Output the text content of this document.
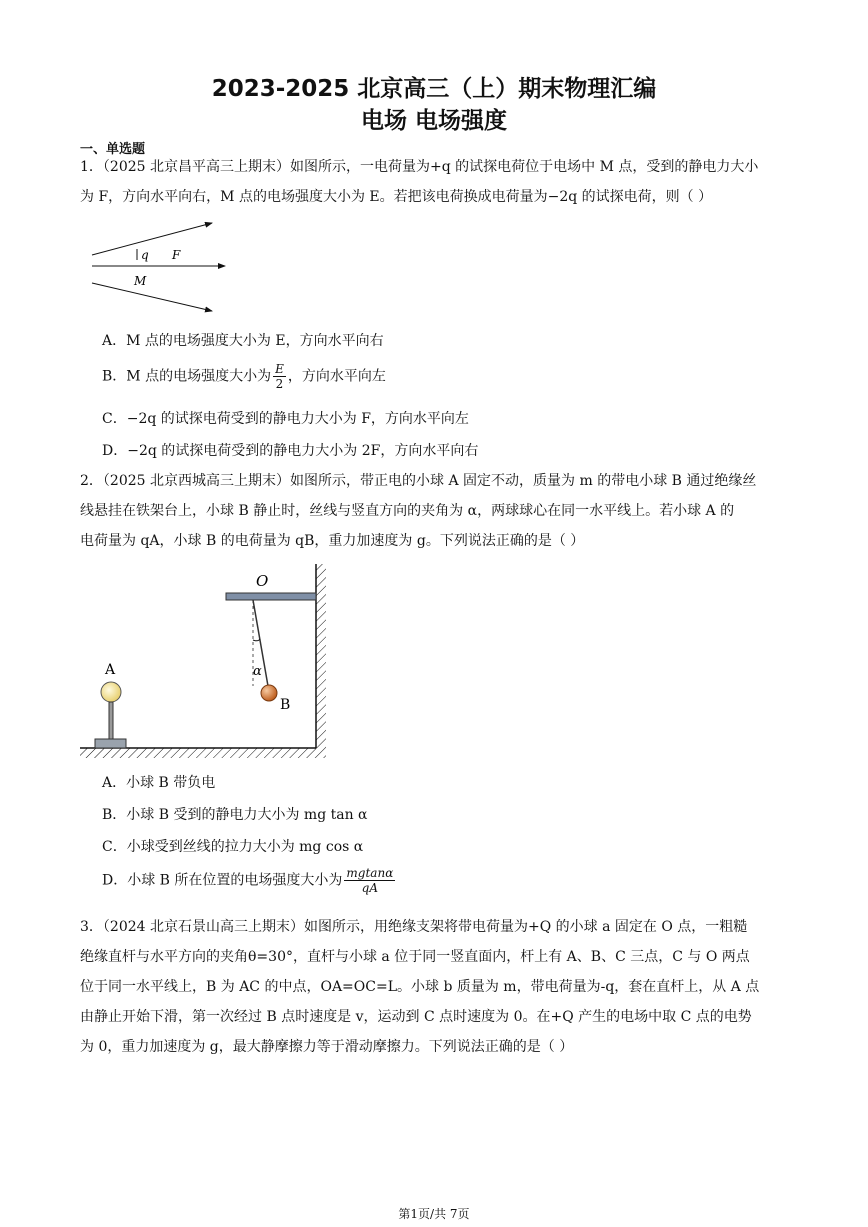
2023-2025 北京高三（上）期末物理汇编
电场 电场强度
一、单选题
1．（2025 北京昌平高三上期末）如图所示，一电荷量为+q 的试探电荷位于电场中 M 点，受到的静电力大小
为 F，方向水平向右，M 点的电场强度大小为 E。若把该电荷换成电荷量为−2q 的试探电荷，则（ ）
q F
M
A．M 点的电场强度大小为 E，方向水平向右
B．M 点的电场强度大小为 $\frac{E}{2}$ ，方向水平向左
C．−2q 的试探电荷受到的静电力大小为 F，方向水平向左
D．−2q 的试探电荷受到的静电力大小为 2F，方向水平向右
2．（2025 北京西城高三上期末）如图所示，带正电的小球 A 固定不动，质量为 m 的带电小球 B 通过绝缘丝
线悬挂在铁架台上，小球 B 静止时，丝线与竖直方向的夹角为 α，两球球心在同一水平线上。若小球 A 的
电荷量为 qA，小球 B 的电荷量为 qB，重力加速度为 g。下列说法正确的是（ ）
O
α
B
A
A．小球 B 带负电
B．小球 B 受到的静电力大小为 mg tan α
C．小球受到丝线的拉力大小为 mg cos α
D．小球 B 所在位置的电场强度大小为 $\frac{mgtan\alpha}{qA}$
3．（2024 北京石景山高三上期末）如图所示，用绝缘支架将带电荷量为+Q 的小球 a 固定在 O 点，一粗糙
绝缘直杆与水平方向的夹角θ=30°，直杆与小球 a 位于同一竖直面内，杆上有 A、B、C 三点，C 与 O 两点
位于同一水平线上，B 为 AC 的中点，OA=OC=L。小球 b 质量为 m，带电荷量为-q，套在直杆上，从 A 点
由静止开始下滑，第一次经过 B 点时速度是 v，运动到 C 点时速度为 0。在+Q 产生的电场中取 C 点的电势
为 0，重力加速度为 g，最大静摩擦力等于滑动摩擦力。下列说法正确的是（ ）
第1页/共 7页
